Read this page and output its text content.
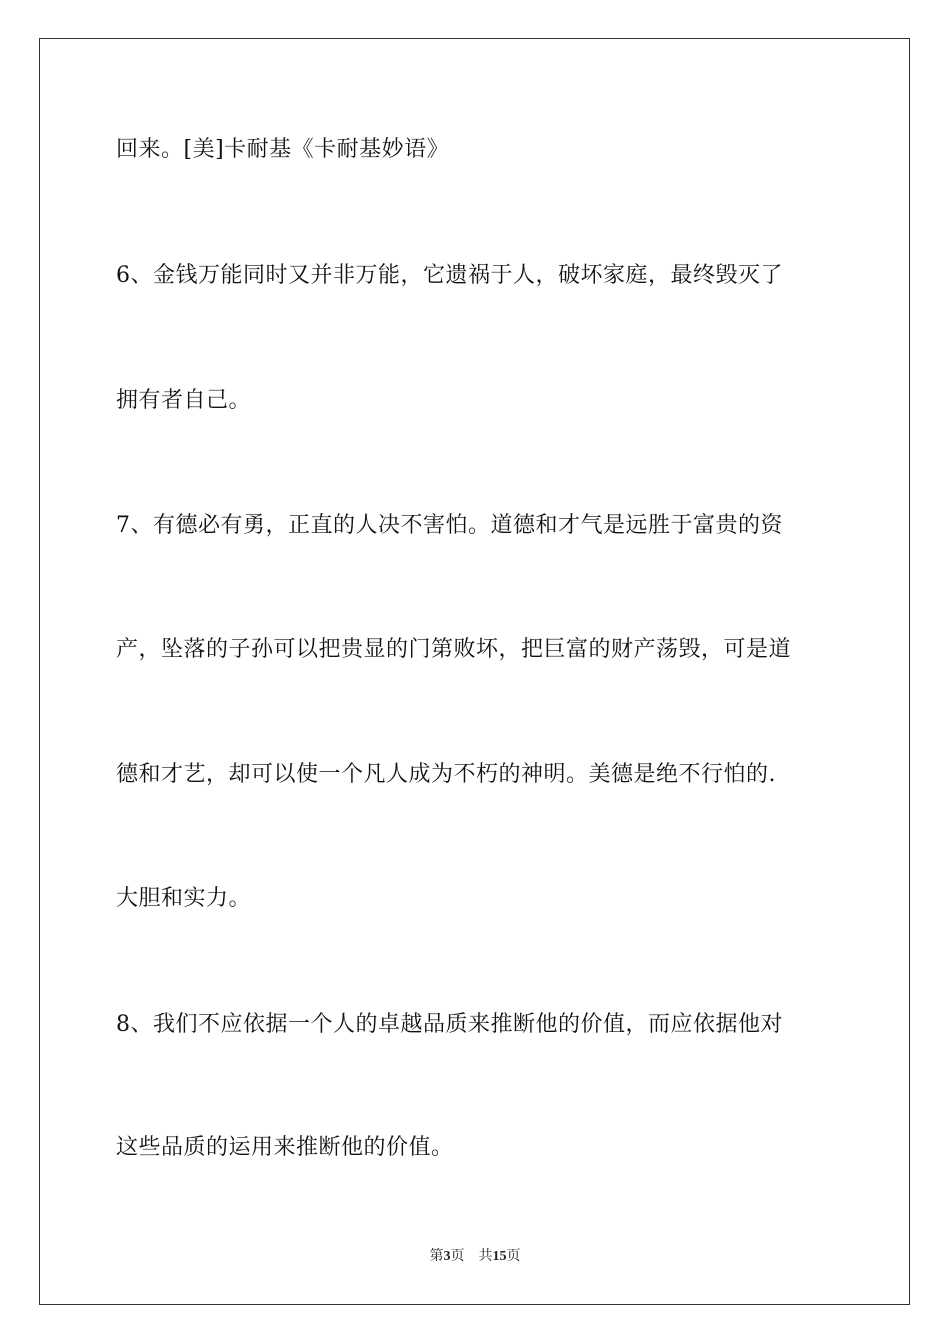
回来。[美]卡耐基《卡耐基妙语》
6、金钱万能同时又并非万能，它遗祸于人，破坏家庭，最终毁灭了
拥有者自己。
7、有德必有勇，正直的人决不害怕。道德和才气是远胜于富贵的资
产，坠落的子孙可以把贵显的门第败坏，把巨富的财产荡毁，可是道
德和才艺，却可以使一个凡人成为不朽的神明。美德是绝不行怕的.
大胆和实力。
8、我们不应依据一个人的卓越品质来推断他的价值，而应依据他对
这些品质的运用来推断他的价值。
第3页 共15页
